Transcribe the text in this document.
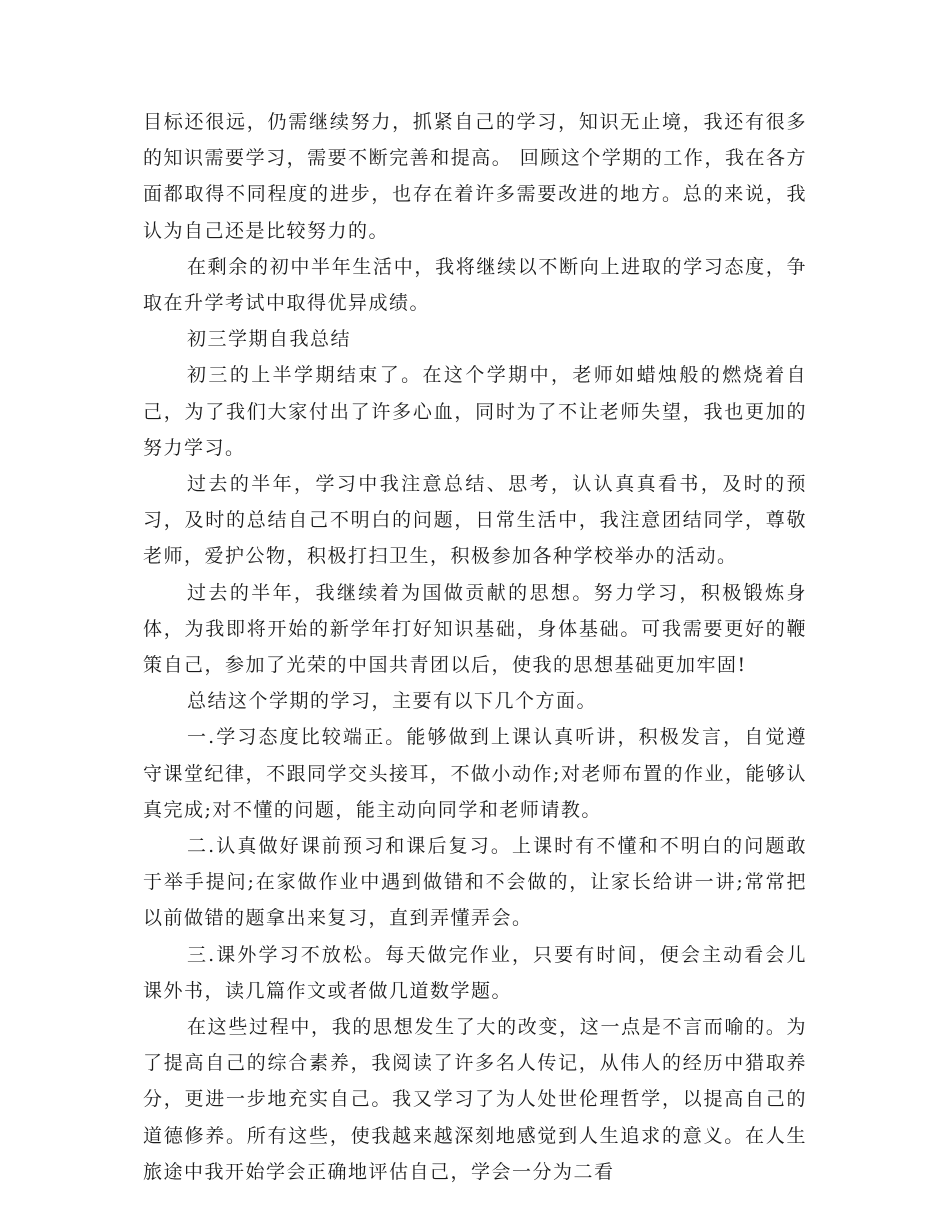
目标还很远，仍需继续努力，抓紧自己的学习，知识无止境，我还有很多的知识需要学习，需要不断完善和提高。 回顾这个学期的工作，我在各方面都取得不同程度的进步，也存在着许多需要改进的地方。总的来说，我认为自己还是比较努力的。

在剩余的初中半年生活中，我将继续以不断向上进取的学习态度，争取在升学考试中取得优异成绩。

初三学期自我总结

初三的上半学期结束了。在这个学期中，老师如蜡烛般的燃烧着自己，为了我们大家付出了许多心血，同时为了不让老师失望，我也更加的努力学习。

过去的半年，学习中我注意总结、思考，认认真真看书，及时的预习，及时的总结自己不明白的问题，日常生活中，我注意团结同学，尊敬老师，爱护公物，积极打扫卫生，积极参加各种学校举办的活动。

过去的半年，我继续着为国做贡献的思想。努力学习，积极锻炼身体，为我即将开始的新学年打好知识基础，身体基础。可我需要更好的鞭策自己，参加了光荣的中国共青团以后，使我的思想基础更加牢固!

总结这个学期的学习，主要有以下几个方面。

一.学习态度比较端正。能够做到上课认真听讲，积极发言，自觉遵守课堂纪律，不跟同学交头接耳，不做小动作;对老师布置的作业，能够认真完成;对不懂的问题，能主动向同学和老师请教。

二.认真做好课前预习和课后复习。上课时有不懂和不明白的问题敢于举手提问;在家做作业中遇到做错和不会做的，让家长给讲一讲;常常把以前做错的题拿出来复习，直到弄懂弄会。

三.课外学习不放松。每天做完作业，只要有时间，便会主动看会儿课外书，读几篇作文或者做几道数学题。

在这些过程中，我的思想发生了大的改变，这一点是不言而喻的。为了提高自己的综合素养，我阅读了许多名人传记，从伟人的经历中猎取养分，更进一步地充实自己。我又学习了为人处世伦理哲学，以提高自己的道德修养。所有这些，使我越来越深刻地感觉到人生追求的意义。在人生旅途中我开始学会正确地评估自己，学会一分为二看
